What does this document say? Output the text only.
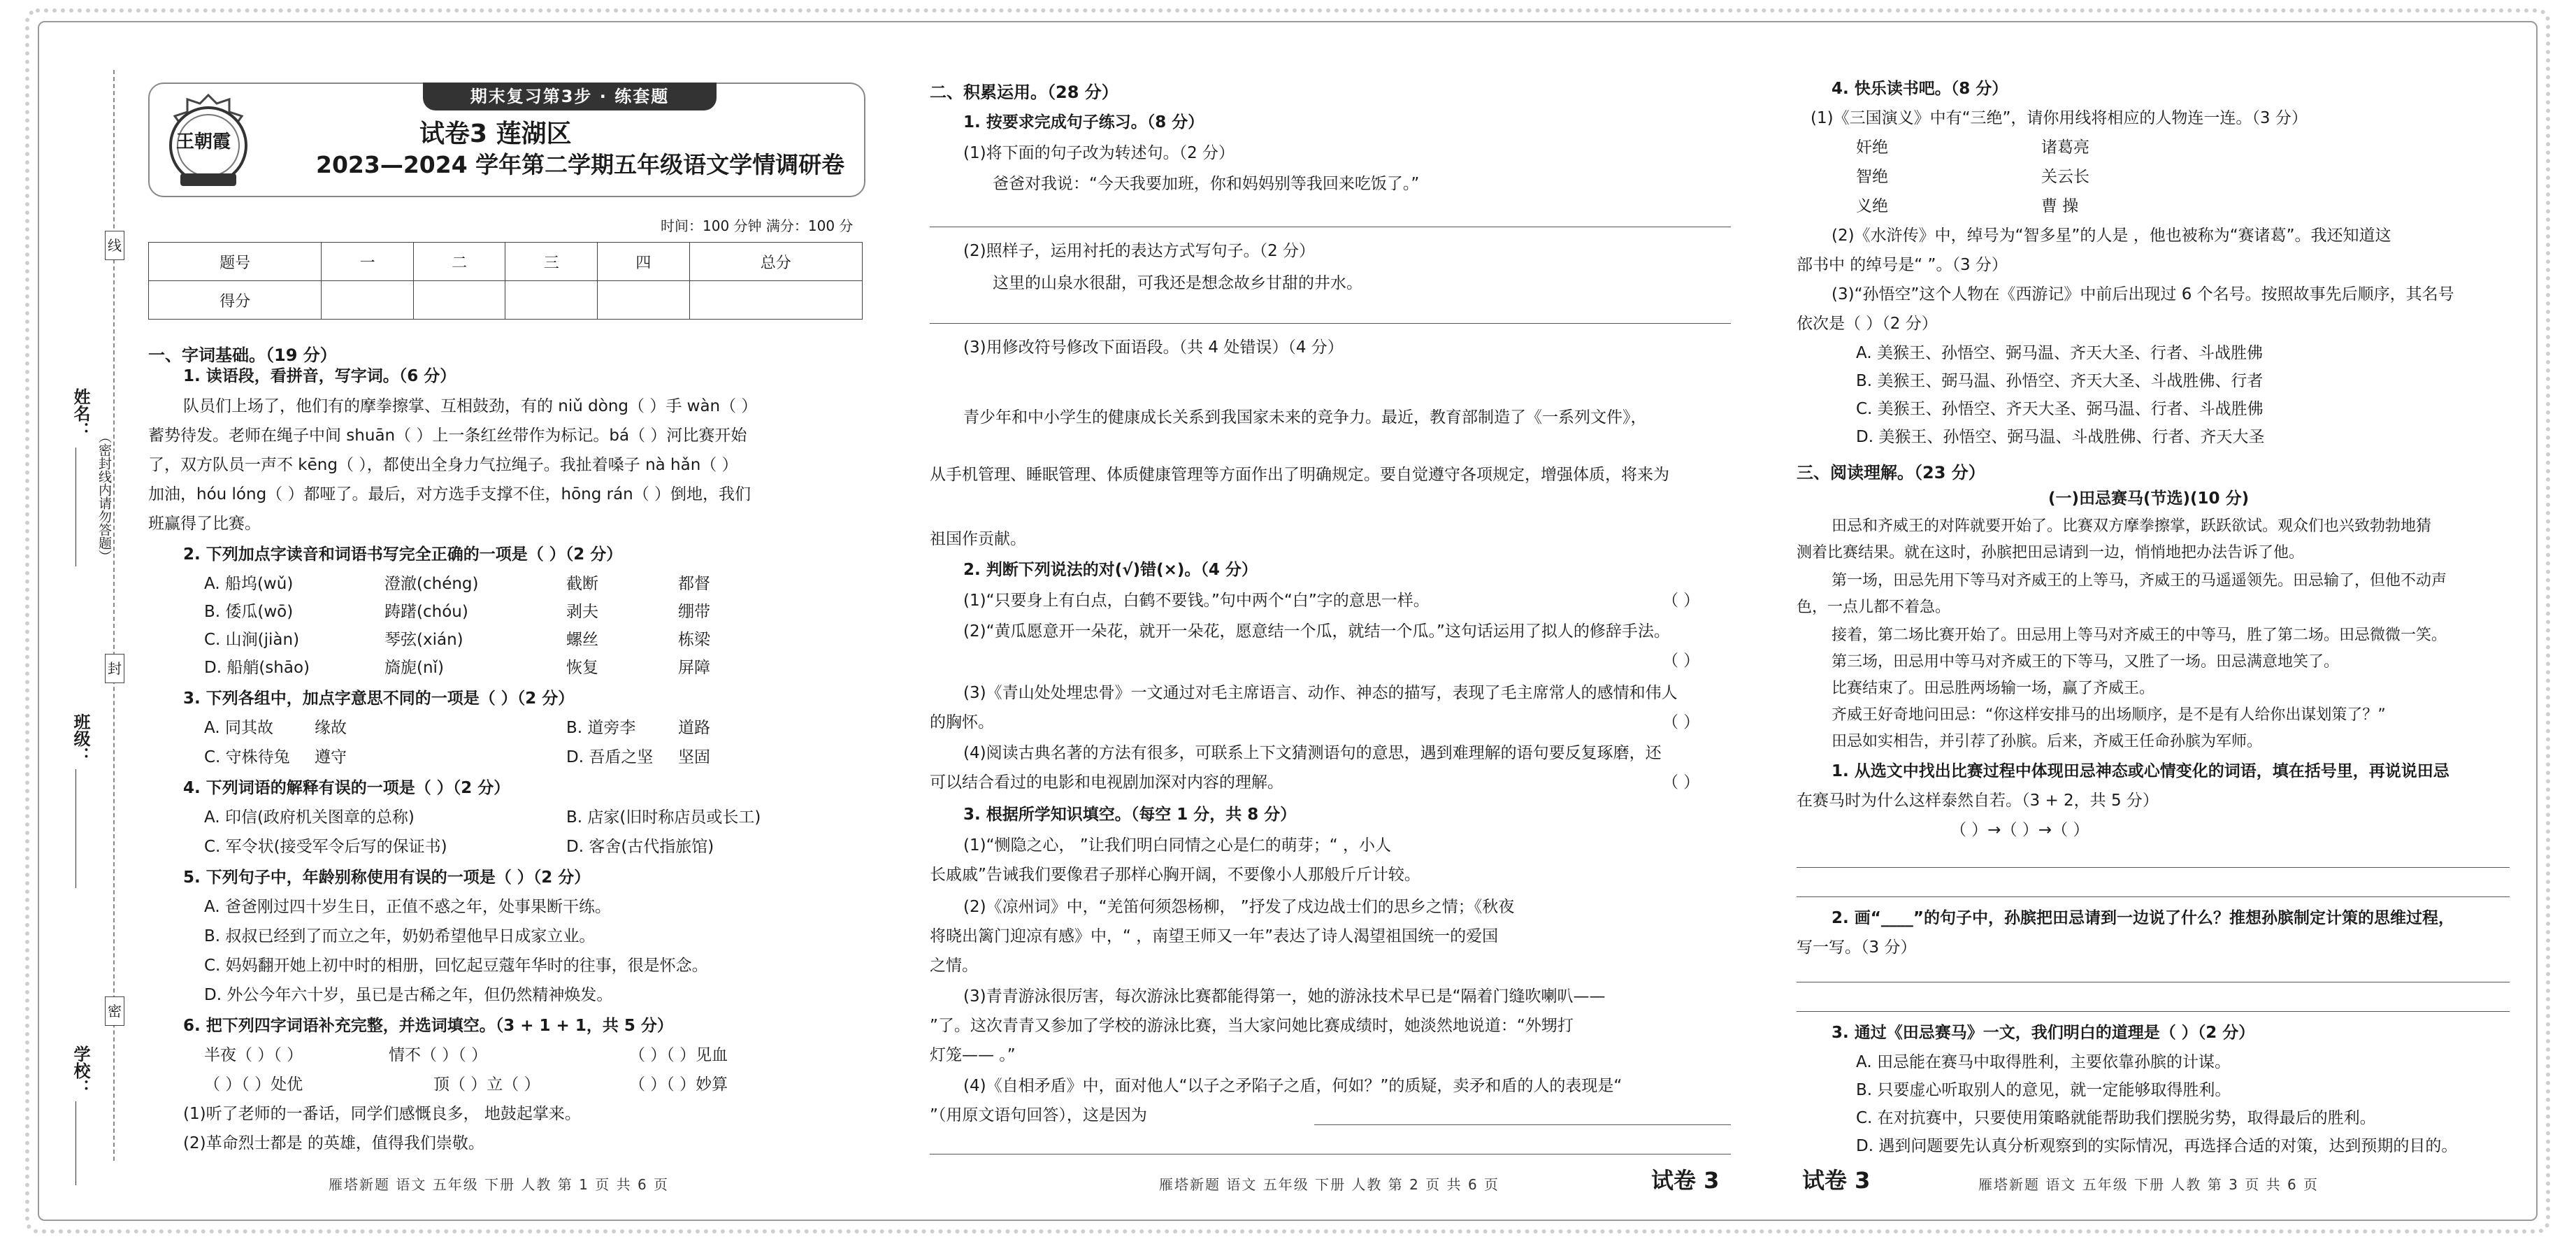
线
封
密
姓名：
（密封线内请勿答题）
班级：
学校：
期末复习第3步 · 练套题
王朝霞	试卷3 莲湖区
2023—2024 学年第二学期五年级语文学情调研卷
时间：100 分钟 满分：100 分
题号	一	二	三	四	总分
得分					
一、字词基础。（19 分）
1. 读语段，看拼音，写字词。（6 分）
队员们上场了，他们有的摩拳擦掌、互相鼓劲，有的 niǔ dòng（ ）手 wàn（ ）
蓄势待发。老师在绳子中间 shuān（ ）上一条红丝带作为标记。bá（ ）河比赛开始
了，双方队员一声不 kēng（ ），都使出全身力气拉绳子。我扯着嗓子 nà hǎn（ ）
加油，hóu lóng（ ）都哑了。最后，对方选手支撑不住，hōng rán（ ）倒地，我们
班赢得了比赛。
2. 下列加点字读音和词语书写完全正确的一项是（ ）（2 分）
A. 船坞(wǔ)	澄澈(chéng)	截断	都督
B. 倭瓜(wō)	踌躇(chóu)	剥夫	绷带
C. 山涧(jiàn)	琴弦(xián)	螺丝	栋梁
D. 船艄(shāo)	旖旎(nǐ)	恢复	屏障
3. 下列各组中，加点字意思不同的一项是（ ）（2 分）
A. 同其故	缘故	B. 道旁李	道路
C. 守株待兔 遵守	D. 吾盾之坚 坚固
4. 下列词语的解释有误的一项是（ ）（2 分）
A. 印信(政府机关图章的总称)	B. 店家(旧时称店员或长工)
C. 军令状(接受军令后写的保证书)	D. 客舍(古代指旅馆)
5. 下列句子中，年龄别称使用有误的一项是（ ）（2 分）
A. 爸爸刚过四十岁生日，正值不惑之年，处事果断干练。
B. 叔叔已经到了而立之年，奶奶希望他早日成家立业。
C. 妈妈翻开她上初中时的相册，回忆起豆蔻年华时的往事，很是怀念。
D. 外公今年六十岁，虽已是古稀之年，但仍然精神焕发。
6. 把下列四字词语补充完整，并选词填空。（3 + 1 + 1，共 5 分）
半夜（ ）（ ）	情不（ ）（ ）	（ ）（ ）见血
（ ）（ ）处优	顶（ ）立（ ）	（ ）（ ）妙算
(1)听了老师的一番话，同学们感慨良多， 地鼓起掌来。
(2)革命烈士都是 的英雄，值得我们崇敬。
雁塔新题 语文 五年级 下册 人教 第 1 页 共 6 页
二、积累运用。（28 分）
1. 按要求完成句子练习。（8 分）
(1)将下面的句子改为转述句。（2 分）
爸爸对我说：“今天我要加班，你和妈妈别等我回来吃饭了。”
(2)照样子，运用衬托的表达方式写句子。（2 分）
这里的山泉水很甜，可我还是想念故乡甘甜的井水。
(3)用修改符号修改下面语段。（共 4 处错误）（4 分）
青少年和中小学生的健康成长关系到我国家未来的竞争力。最近，教育部制造了《一系列文件》，
从手机管理、睡眠管理、体质健康管理等方面作出了明确规定。要自觉遵守各项规定，增强体质，将来为
祖国作贡献。
2. 判断下列说法的对(√)错(×)。（4 分）
(1)“只要身上有白点，白鹤不要钱。”句中两个“白”字的意思一样。	（ ）
(2)“黄瓜愿意开一朵花，就开一朵花，愿意结一个瓜，就结一个瓜。”这句话运用了拟人的修辞手法。
（ ）
(3)《青山处处埋忠骨》一文通过对毛主席语言、动作、神态的描写，表现了毛主席常人的感情和伟人
的胸怀。	（ ）
(4)阅读古典名著的方法有很多，可联系上下文猜测语句的意思，遇到难理解的语句要反复琢磨，还
可以结合看过的电影和电视剧加深对内容的理解。	（ ）
3. 根据所学知识填空。（每空 1 分，共 8 分）
(1)“恻隐之心， ”让我们明白同情之心是仁的萌芽；“ ，小人
长戚戚”告诫我们要像君子那样心胸开阔，不要像小人那般斤斤计较。
(2)《凉州词》中，“羌笛何须怨杨柳， ”抒发了戍边战士们的思乡之情；《秋夜
将晓出篱门迎凉有感》中，“ ，南望王师又一年”表达了诗人渴望祖国统一的爱国
之情。
(3)青青游泳很厉害，每次游泳比赛都能得第一，她的游泳技术早已是“隔着门缝吹喇叭——
”了。这次青青又参加了学校的游泳比赛，当大家问她比赛成绩时，她淡然地说道：“外甥打
灯笼—— 。”
(4)《自相矛盾》中，面对他人“以子之矛陷子之盾，何如？”的质疑，卖矛和盾的人的表现是“
”（用原文语句回答），这是因为
雁塔新题 语文 五年级 下册 人教 第 2 页 共 6 页	试卷 3
4. 快乐读书吧。（8 分）
(1)《三国演义》中有“三绝”，请你用线将相应的人物连一连。（3 分）
奸绝	诸葛亮
智绝	关云长
义绝	曹 操
(2)《水浒传》中，绰号为“智多星”的人是 ，他也被称为“赛诸葛”。我还知道这
部书中 的绰号是“ ”。（3 分）
(3)“孙悟空”这个人物在《西游记》中前后出现过 6 个名号。按照故事先后顺序，其名号
依次是（ ）（2 分）
A. 美猴王、孙悟空、弼马温、齐天大圣、行者、斗战胜佛
B. 美猴王、弼马温、孙悟空、齐天大圣、斗战胜佛、行者
C. 美猴王、孙悟空、齐天大圣、弼马温、行者、斗战胜佛
D. 美猴王、孙悟空、弼马温、斗战胜佛、行者、齐天大圣
三、阅读理解。（23 分）
(一)田忌赛马(节选)(10 分)
田忌和齐威王的对阵就要开始了。比赛双方摩拳擦掌，跃跃欲试。观众们也兴致勃勃地猜
测着比赛结果。就在这时，孙膑把田忌请到一边，悄悄地把办法告诉了他。
第一场，田忌先用下等马对齐威王的上等马，齐威王的马遥遥领先。田忌输了，但他不动声
色，一点儿都不着急。
接着，第二场比赛开始了。田忌用上等马对齐威王的中等马，胜了第二场。田忌微微一笑。
第三场，田忌用中等马对齐威王的下等马，又胜了一场。田忌满意地笑了。
比赛结束了。田忌胜两场输一场，赢了齐威王。
齐威王好奇地问田忌：“你这样安排马的出场顺序，是不是有人给你出谋划策了？”
田忌如实相告，并引荐了孙膑。后来，齐威王任命孙膑为军师。
1. 从选文中找出比赛过程中体现田忌神态或心情变化的词语，填在括号里，再说说田忌
在赛马时为什么这样泰然自若。（3 + 2，共 5 分）
（ ）→（ ）→（ ）
2. 画“____”的句子中，孙膑把田忌请到一边说了什么？推想孙膑制定计策的思维过程，
写一写。（3 分）
3. 通过《田忌赛马》一文，我们明白的道理是（ ）（2 分）
A. 田忌能在赛马中取得胜利，主要依靠孙膑的计谋。
B. 只要虚心听取别人的意见，就一定能够取得胜利。
C. 在对抗赛中，只要使用策略就能帮助我们摆脱劣势，取得最后的胜利。
D. 遇到问题要先认真分析观察到的实际情况，再选择合适的对策，达到预期的目的。
试卷 3	雁塔新题 语文 五年级 下册 人教 第 3 页 共 6 页
